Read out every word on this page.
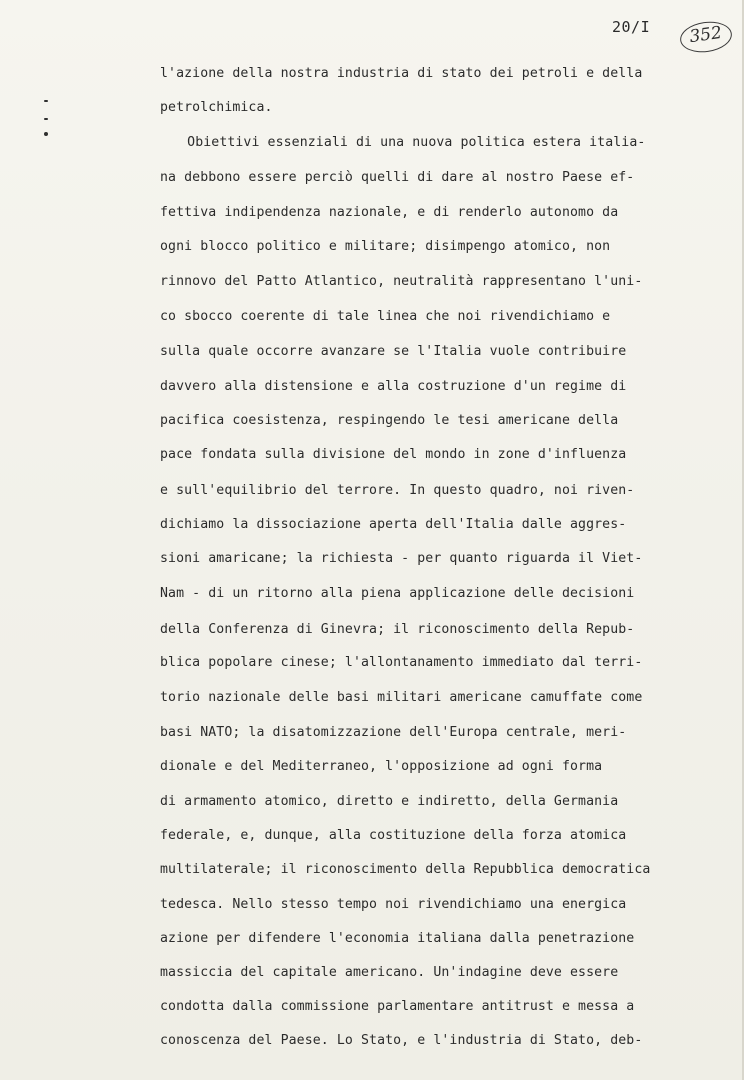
20/I	352
l'azione della nostra industria di stato dei petroli e della
petrolchimica.
Obiettivi essenziali di una nuova politica estera italia-
na debbono essere perciò quelli di dare al nostro Paese ef-
fettiva indipendenza nazionale, e di renderlo autonomo da
ogni blocco politico e militare; disimpengo atomico, non
rinnovo del Patto Atlantico, neutralità rappresentano l'uni-
co sbocco coerente di tale linea che noi rivendichiamo e
sulla quale occorre avanzare se l'Italia vuole contribuire
davvero alla distensione e alla costruzione d'un regime di
pacifica coesistenza, respingendo le tesi americane della
pace fondata sulla divisione del mondo in zone d'influenza
e sull'equilibrio del terrore. In questo quadro, noi riven-
dichiamo la dissociazione aperta dell'Italia dalle aggres-
sioni amaricane; la richiesta - per quanto riguarda il Viet-
Nam - di un ritorno alla piena applicazione delle decisioni
della Conferenza di Ginevra; il riconoscimento della Repub-
blica popolare cinese; l'allontanamento immediato dal terri-
torio nazionale delle basi militari americane camuffate come
basi NATO; la disatomizzazione dell'Europa centrale, meri-
dionale e del Mediterraneo, l'opposizione ad ogni forma
di armamento atomico, diretto e indiretto, della Germania
federale, e, dunque, alla costituzione della forza atomica
multilaterale; il riconoscimento della Repubblica democratica
tedesca. Nello stesso tempo noi rivendichiamo una energica
azione per difendere l'economia italiana dalla penetrazione
massiccia del capitale americano. Un'indagine deve essere
condotta dalla commissione parlamentare antitrust e messa a
conoscenza del Paese. Lo Stato, e l'industria di Stato, deb-
